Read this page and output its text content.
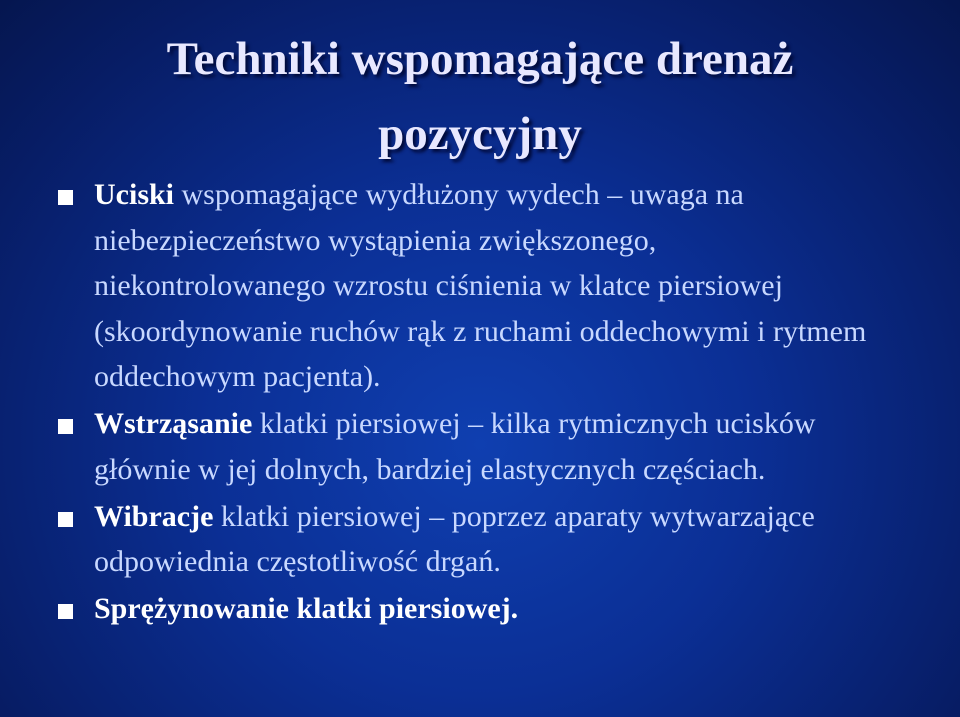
Techniki wspomagające drenaż
pozycyjny
Uciski wspomagające wydłużony wydech – uwaga na niebezpieczeństwo wystąpienia zwiększonego, niekontrolowanego wzrostu ciśnienia w klatce piersiowej (skoordynowanie ruchów rąk z ruchami oddechowymi i rytmem oddechowym pacjenta).
Wstrząsanie klatki piersiowej – kilka rytmicznych ucisków głównie w jej dolnych, bardziej elastycznych częściach.
Wibracje klatki piersiowej – poprzez aparaty wytwarzające odpowiednia częstotliwość drgań.
Sprężynowanie klatki piersiowej.
